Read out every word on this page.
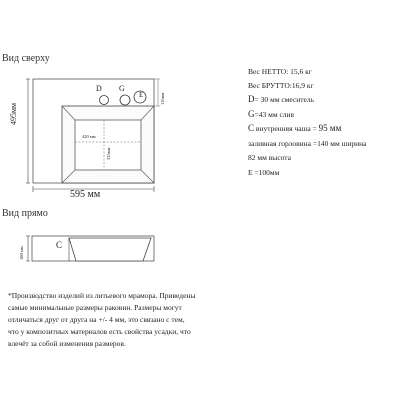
Вид сверху
Вид прямо
595 мм
495мм
420 мм
335мм
116мм
D G
E
180 мм
C
Вес НЕТТО: 15,6 кг
Вес БРУТТО:16,9 кг
D= 30 мм смеситель
G=43 мм слив
C внутренняя чаша = 95 мм
заливная горловина =140 мм ширина
82 мм высота
E =100мм
*Производство изделий из литьевого мрамора. Приведены
самые минимальные размеры раковин. Размеры могут
отличаться друг от друга на +/- 4 мм, это связано с тем,
что у композитных материалов есть свойства усадки, что
влечёт за собой изменения размеров.
